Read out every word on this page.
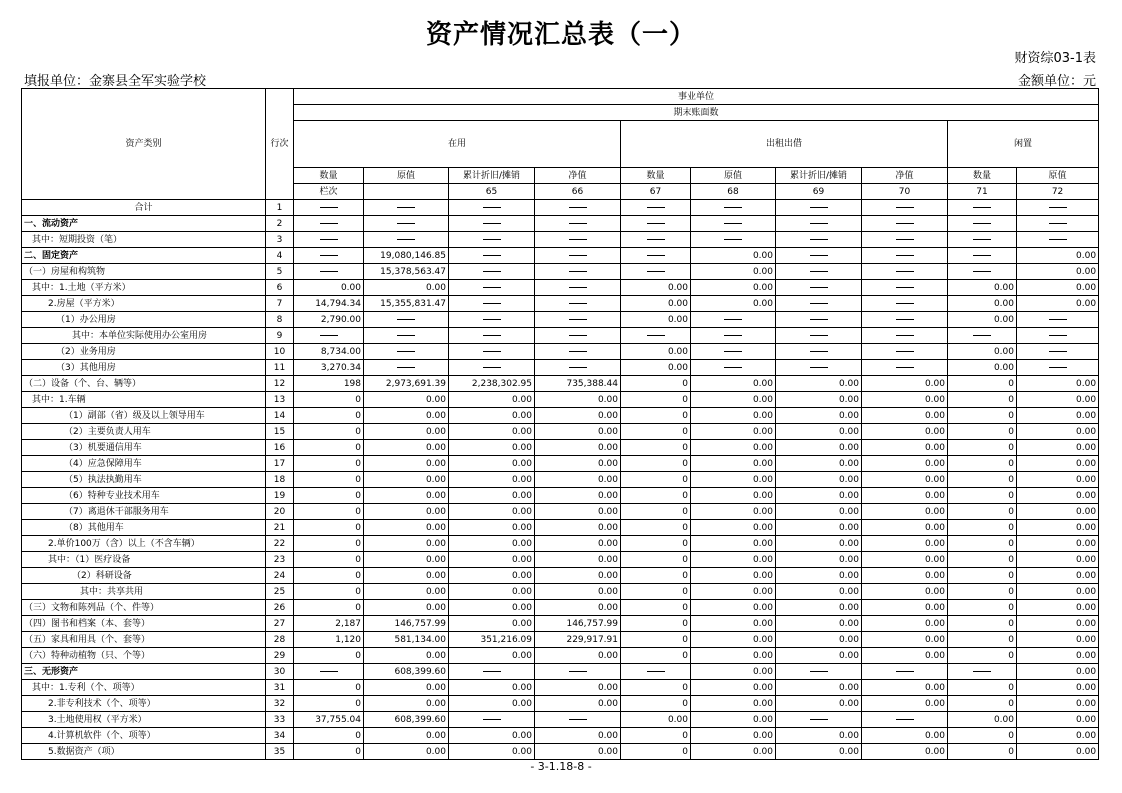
资产情况汇总表（一）
财资综03-1表
填报单位：金寨县全军实验学校	金额单位：元
资产类别	行次	事业单位										
		期末账面数										
		在用				出租出借				闲置		
		数量	原值	累计折旧/摊销	净值	数量	原值	累计折旧/摊销	净值	数量	原值	
		栏次		65	66	67	68	69	70	71	72		
合计	1											
一、流动资产	2											
其中：短期投资（笔）	3											
二、固定资产	4		19,080,146.85				0.00				0.00	
（一）房屋和构筑物	5		15,378,563.47				0.00				0.00	
其中：1.土地（平方米）	6	0.00	0.00			0.00	0.00			0.00	0.00	
2.房屋（平方米）	7	14,794.34	15,355,831.47			0.00	0.00			0.00	0.00	
（1）办公用房	8	2,790.00				0.00				0.00		
其中：本单位实际使用办公室用房	9											
（2）业务用房	10	8,734.00				0.00				0.00		
（3）其他用房	11	3,270.34				0.00				0.00		
（二）设备（个、台、辆等）	12	198	2,973,691.39	2,238,302.95	735,388.44	0	0.00	0.00	0.00	0	0.00	
其中：1.车辆	13	0	0.00	0.00	0.00	0	0.00	0.00	0.00	0	0.00	
（1）副部（省）级及以上领导用车	14	0	0.00	0.00	0.00	0	0.00	0.00	0.00	0	0.00	
（2）主要负责人用车	15	0	0.00	0.00	0.00	0	0.00	0.00	0.00	0	0.00	
（3）机要通信用车	16	0	0.00	0.00	0.00	0	0.00	0.00	0.00	0	0.00	
（4）应急保障用车	17	0	0.00	0.00	0.00	0	0.00	0.00	0.00	0	0.00	
（5）执法执勤用车	18	0	0.00	0.00	0.00	0	0.00	0.00	0.00	0	0.00	
（6）特种专业技术用车	19	0	0.00	0.00	0.00	0	0.00	0.00	0.00	0	0.00	
（7）离退休干部服务用车	20	0	0.00	0.00	0.00	0	0.00	0.00	0.00	0	0.00	
（8）其他用车	21	0	0.00	0.00	0.00	0	0.00	0.00	0.00	0	0.00	
2.单价100万（含）以上（不含车辆）	22	0	0.00	0.00	0.00	0	0.00	0.00	0.00	0	0.00	
其中：（1）医疗设备	23	0	0.00	0.00	0.00	0	0.00	0.00	0.00	0	0.00	
（2）科研设备	24	0	0.00	0.00	0.00	0	0.00	0.00	0.00	0	0.00	
其中：共享共用	25	0	0.00	0.00	0.00	0	0.00	0.00	0.00	0	0.00	
（三）文物和陈列品（个、件等）	26	0	0.00	0.00	0.00	0	0.00	0.00	0.00	0	0.00	
（四）图书和档案（本、套等）	27	2,187	146,757.99	0.00	146,757.99	0	0.00	0.00	0.00	0	0.00	
（五）家具和用具（个、套等）	28	1,120	581,134.00	351,216.09	229,917.91	0	0.00	0.00	0.00	0	0.00	
（六）特种动植物（只、个等）	29	0	0.00	0.00	0.00	0	0.00	0.00	0.00	0	0.00	
三、无形资产	30		608,399.60				0.00				0.00	
其中：1.专利（个、项等）	31	0	0.00	0.00	0.00	0	0.00	0.00	0.00	0	0.00	
2.非专利技术（个、项等）	32	0	0.00	0.00	0.00	0	0.00	0.00	0.00	0	0.00	
3.土地使用权（平方米）	33	37,755.04	608,399.60			0.00	0.00			0.00	0.00	
4.计算机软件（个、项等）	34	0	0.00	0.00	0.00	0	0.00	0.00	0.00	0	0.00	
5.数据资产（项）	35	0	0.00	0.00	0.00	0	0.00	0.00	0.00	0	0.00	
- 3-1.18-8 -
